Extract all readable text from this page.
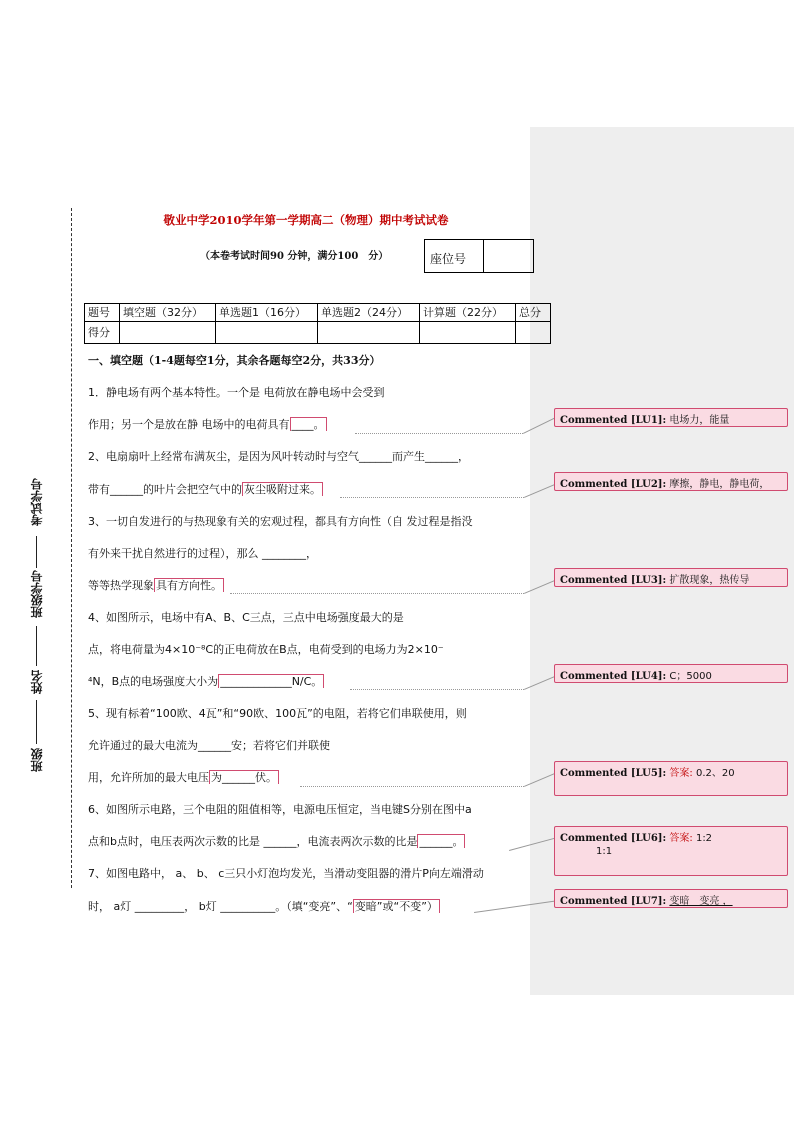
考试学号
班级学号
姓名
班级
敬业中学2010学年第一学期高二（物理）期中考试试卷
（本卷考试时间90 分钟，满分100　分）	座位号
题号	填空题（32分）	单选题1（16分）	单选题2（24分）	计算题（22分）	总分
得分					
一、填空题（1-4题每空1分，其余各题每空2分，共33分）
1．静电场有两个基本特性。一个是 电荷放在静电场中会受到
作用；另一个是放在静 电场中的电荷具有 ____。
2、电扇扇叶上经常布满灰尘，是因为风叶转动时与空气______而产生______，
带有______的叶片会把空气中的 灰尘吸附过来。
3、一切自发进行的与热现象有关的宏观过程，都具有方向性（自 发过程是指没
有外来干扰自然进行的过程），那么 ________，
等等热学现象 具有方向性。
4、如图所示，电场中有A、B、C三点，三点中电场强度最大的是
点，将电荷量为4×10⁻⁸C的正电荷放在B点，电荷受到的电场力为2×10⁻
⁴N，B点的电场强度大小为 _____________N/C。
5、现有标着“100欧、4瓦”和“90欧、100瓦”的电阻，若将它们串联使用，则
允许通过的最大电流为______安；若将它们并联使
用，允许所加的最大电压 为______伏。
6、如图所示电路，三个电阻的阻值相等，电源电压恒定，当电键S分别在图中a
点和b点时，电压表两次示数的比是 ______，电流表两次示数的比是 ______。
7、如图电路中， a、 b、 c三只小灯泡均发光，当滑动变阻器的滑片P向左端滑动
时， a灯 _________， b灯 __________。（填“变亮”、“ 变暗”或“不变”）
Commented [LU1]: 电场力，能量
Commented [LU2]: 摩擦，静电，静电荷，
Commented [LU3]: 扩散现象，热传导
Commented [LU4]: C；5000
Commented [LU5]: 答案: 0.2、20
Commented [LU6]: 答案: 1:2
1:1
Commented [LU7]: 变暗　变亮 ，
